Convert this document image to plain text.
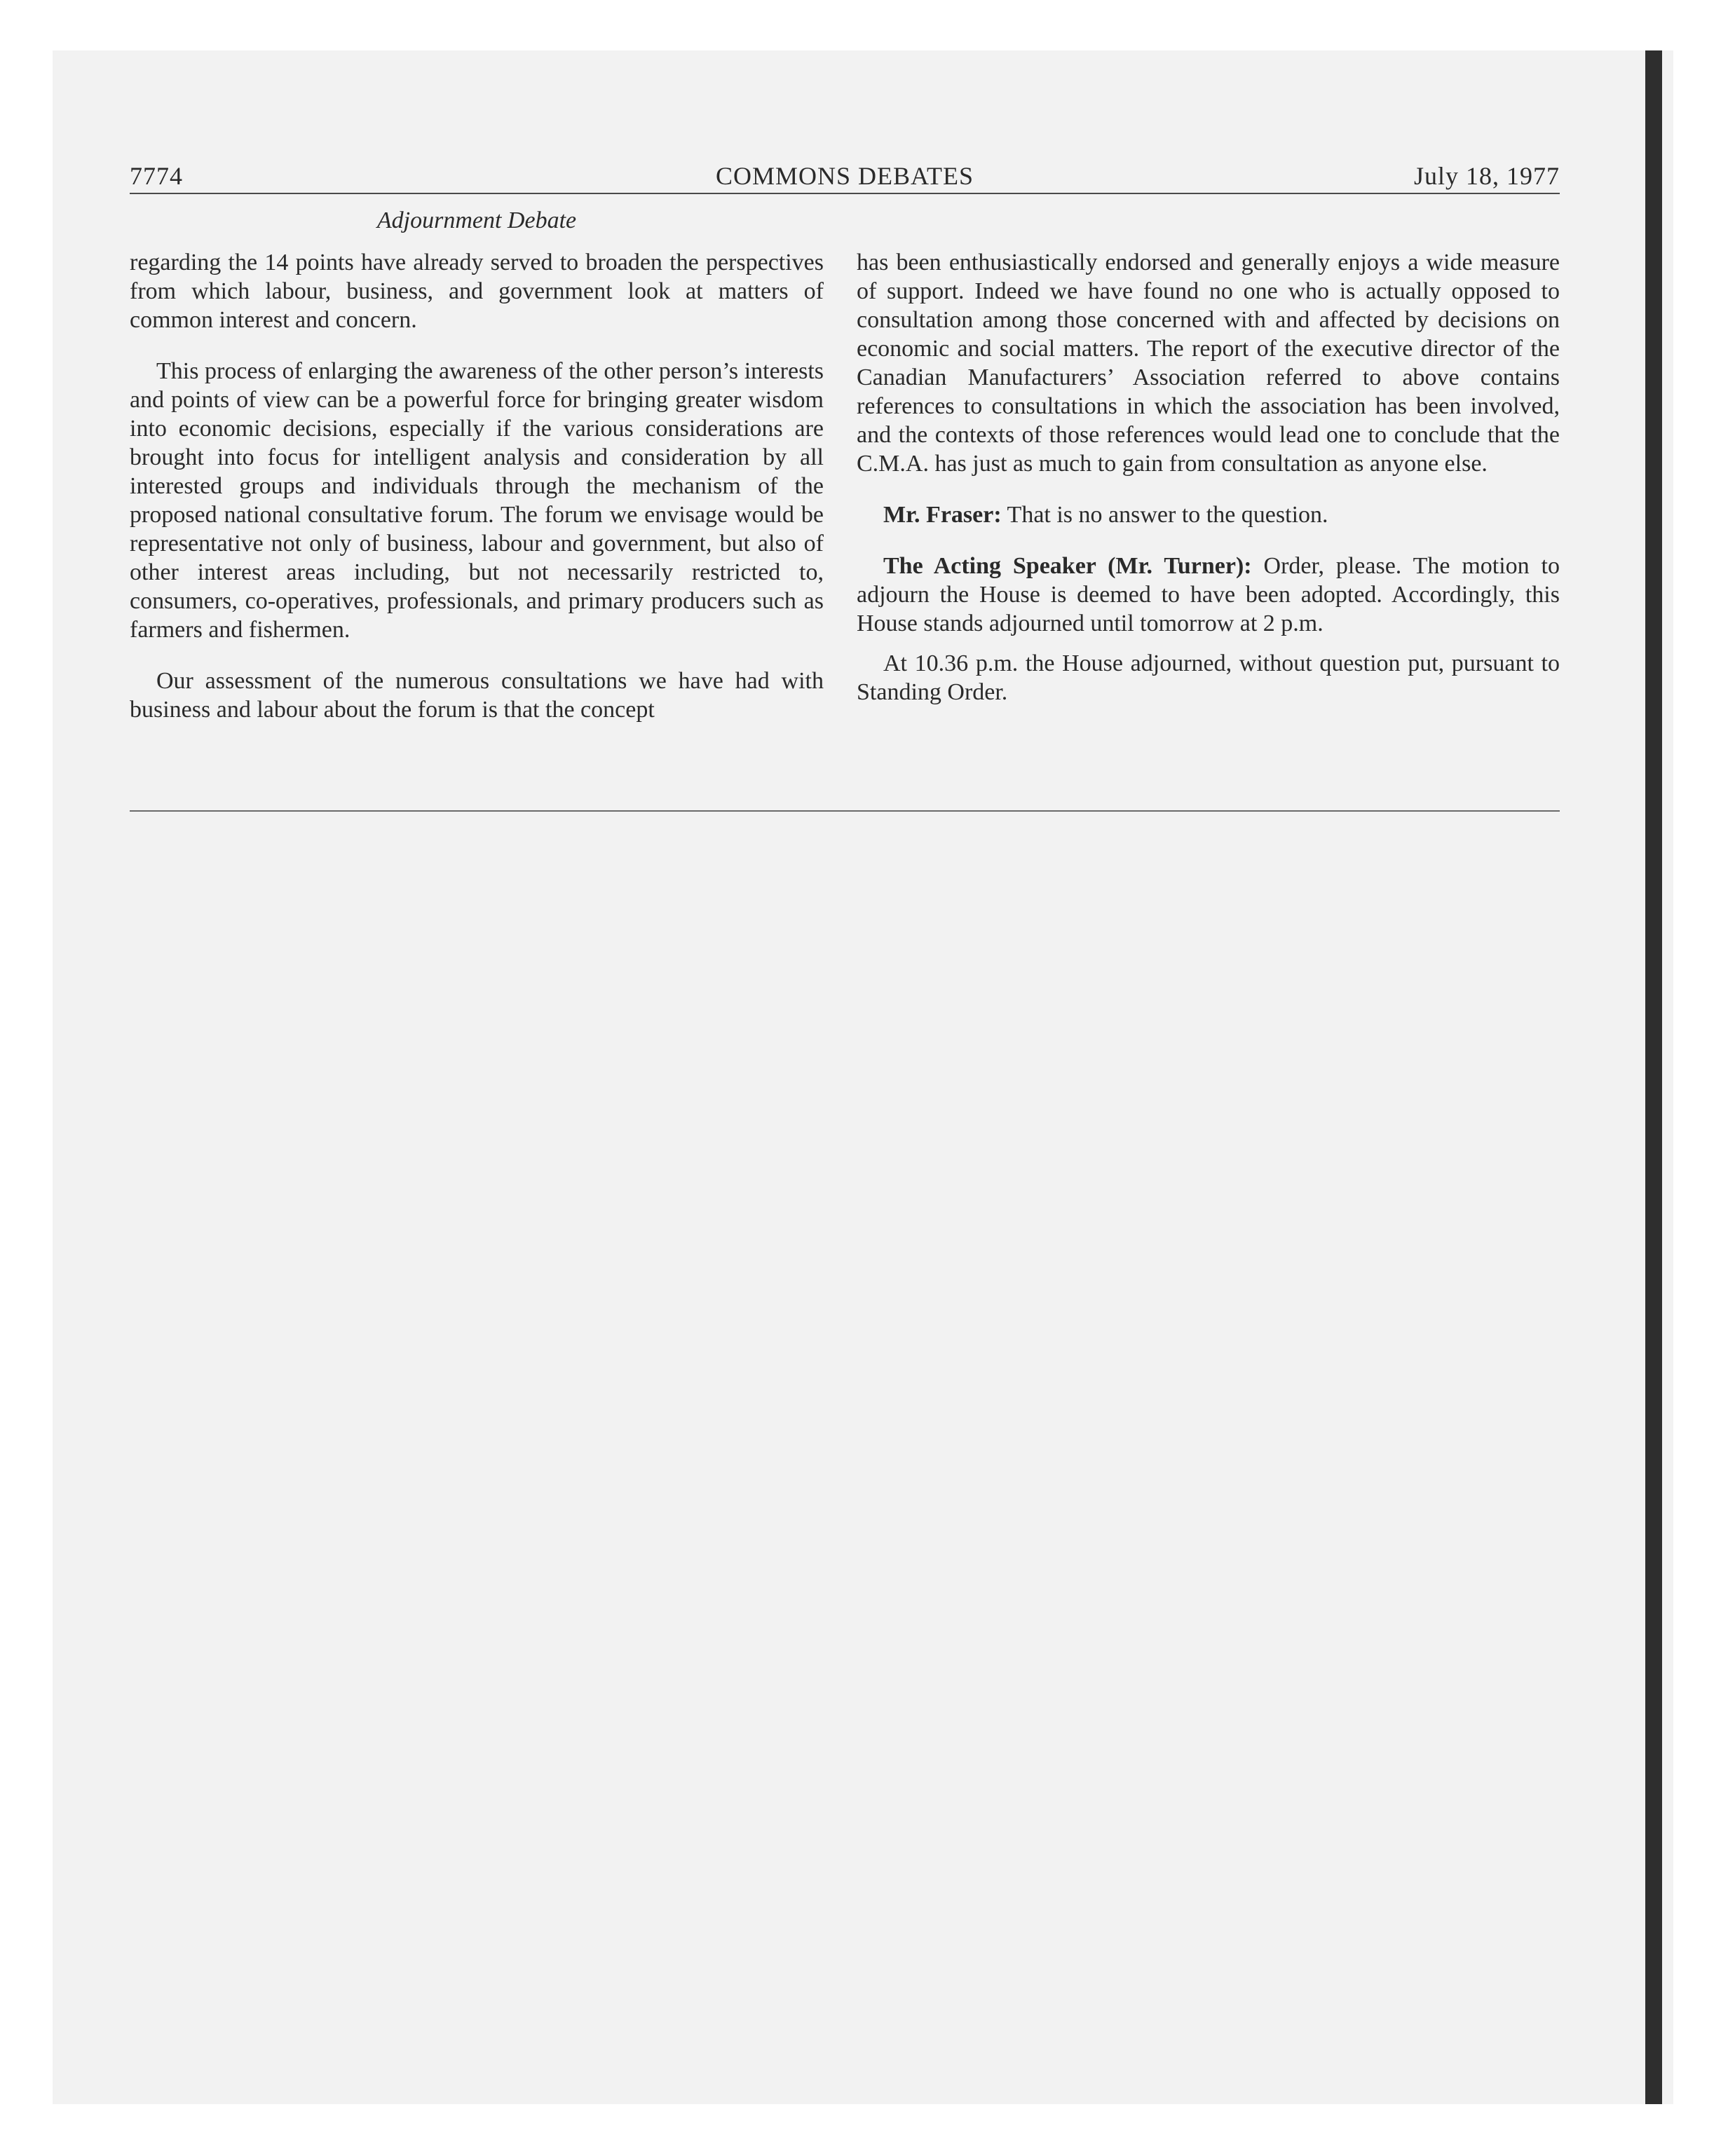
7774	COMMONS DEBATES	July 18, 1977
Adjournment Debate

regarding the 14 points have already served to broaden the perspectives from which labour, business, and government look at matters of common interest and concern.

This process of enlarging the awareness of the other person’s interests and points of view can be a powerful force for bringing greater wisdom into economic decisions, especially if the various considerations are brought into focus for intelligent analysis and consideration by all interested groups and individuals through the mechanism of the proposed national consultative forum. The forum we envisage would be representative not only of business, labour and government, but also of other interest areas including, but not necessarily restricted to, consumers, co-operatives, professionals, and primary producers such as farmers and fishermen.

Our assessment of the numerous consultations we have had with business and labour about the forum is that the concept

has been enthusiastically endorsed and generally enjoys a wide measure of support. Indeed we have found no one who is actually opposed to consultation among those concerned with and affected by decisions on economic and social matters. The report of the executive director of the Canadian Manufacturers’ Association referred to above contains references to consultations in which the association has been involved, and the contexts of those references would lead one to conclude that the C.M.A. has just as much to gain from consultation as anyone else.

Mr. Fraser: That is no answer to the question.

The Acting Speaker (Mr. Turner): Order, please. The motion to adjourn the House is deemed to have been adopted. Accordingly, this House stands adjourned until tomorrow at 2 p.m.

At 10.36 p.m. the House adjourned, without question put, pursuant to Standing Order.
